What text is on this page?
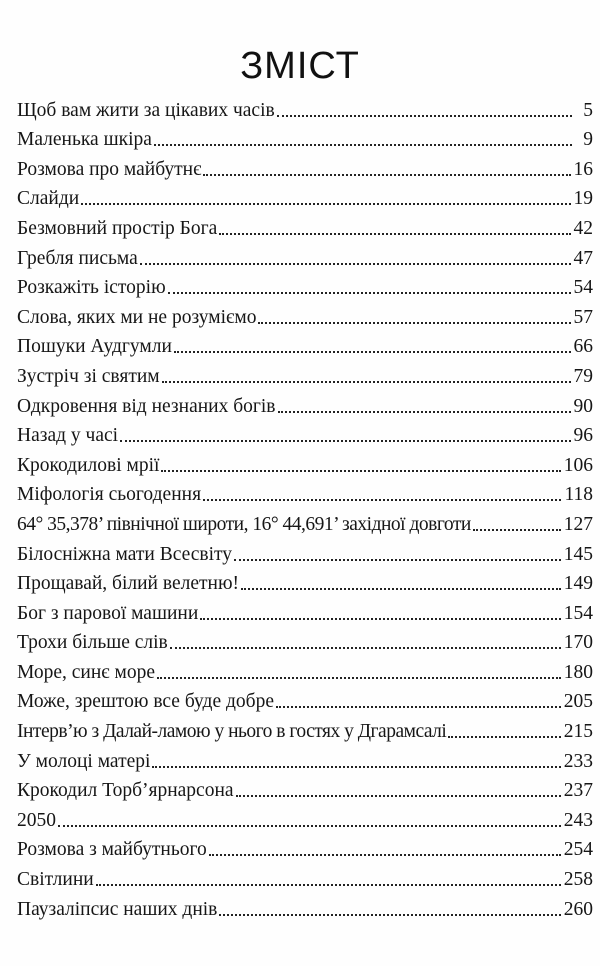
ЗМІСТ
Щоб вам жити за цікавих часів	5
Маленька шкіра	9
Розмова про майбутнє	16
Слайди	19
Безмовний простір Бога	42
Гребля письма	47
Розкажіть історію	54
Слова, яких ми не розуміємо	57
Пошуки Аудгумли	66
Зустріч зі святим	79
Одкровення від незнаних богів	90
Назад у часі	96
Крокодилові мрії	106
Міфологія сьогодення	118
64° 35,378’ північної широти, 16° 44,691’ західної довготи	127
Білосніжна мати Всесвіту	145
Прощавай, білий велетню!	149
Бог з парової машини	154
Трохи більше слів	170
Море, синє море	180
Може, зрештою все буде добре	205
Інтерв’ю з Далай-ламою у нього в гостях у Дгарамсалі	215
У молоці матері	233
Крокодил Торб’ярнарсона	237
2050	243
Розмова з майбутнього	254
Світлини	258
Паузаліпсис наших днів	260
